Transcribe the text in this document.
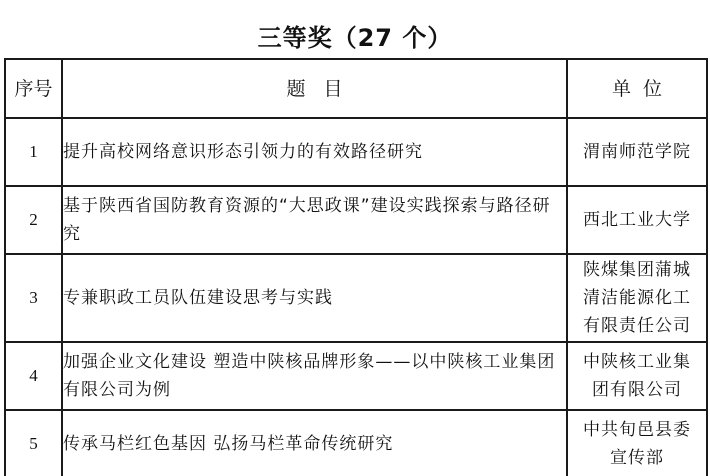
三等奖（27 个）
序号	题   目	单  位
1	提升高校网络意识形态引领力的有效路径研究	渭南师范学院
2	基于陕西省国防教育资源的“大思政课”建设实践探索与路径研究	西北工业大学
3	专兼职政工员队伍建设思考与实践	陕煤集团蒲城清洁能源化工有限责任公司
4	加强企业文化建设 塑造中陕核品牌形象——以中陕核工业集团有限公司为例	中陕核工业集团有限公司
5	传承马栏红色基因 弘扬马栏革命传统研究	中共旬邑县委宣传部
